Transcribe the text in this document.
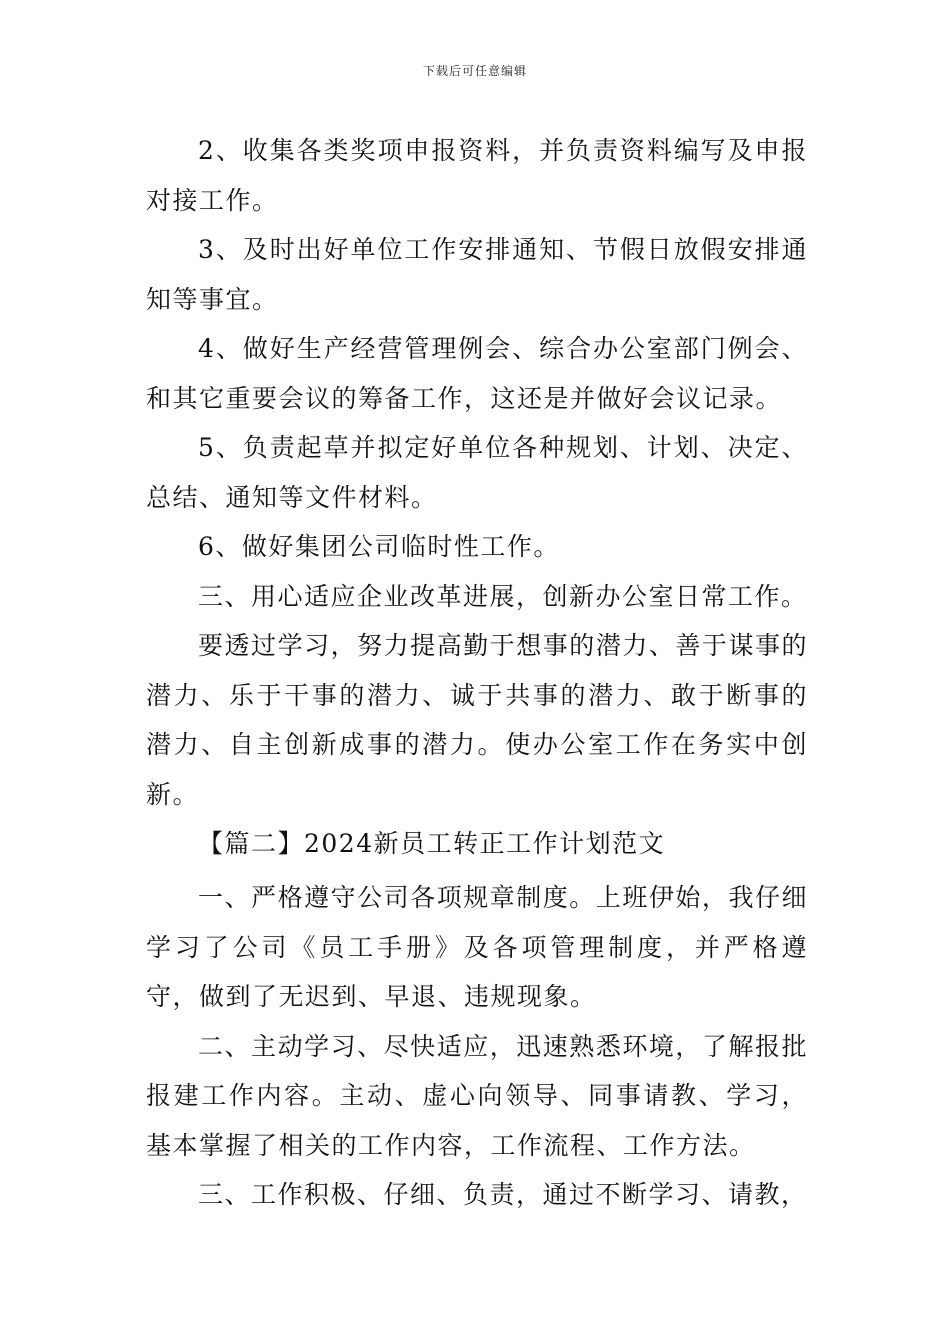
下载后可任意编辑

2、收集各类奖项申报资料，并负责资料编写及申报对接工作。

3、及时出好单位工作安排通知、节假日放假安排通知等事宜。

4、做好生产经营管理例会、综合办公室部门例会、和其它重要会议的筹备工作，这还是并做好会议记录。

5、负责起草并拟定好单位各种规划、计划、决定、总结、通知等文件材料。

6、做好集团公司临时性工作。

三、用心适应企业改革进展，创新办公室日常工作。

要透过学习，努力提高勤于想事的潜力、善于谋事的潜力、乐于干事的潜力、诚于共事的潜力、敢于断事的潜力、自主创新成事的潜力。使办公室工作在务实中创新。

【篇二】2024新员工转正工作计划范文

一、严格遵守公司各项规章制度。上班伊始，我仔细学习了公司《员工手册》及各项管理制度，并严格遵守，做到了无迟到、早退、违规现象。

二、主动学习、尽快适应，迅速熟悉环境，了解报批报建工作内容。主动、虚心向领导、同事请教、学习，基本掌握了相关的工作内容，工作流程、工作方法。

三、工作积极、仔细、负责，通过不断学习、请教，
